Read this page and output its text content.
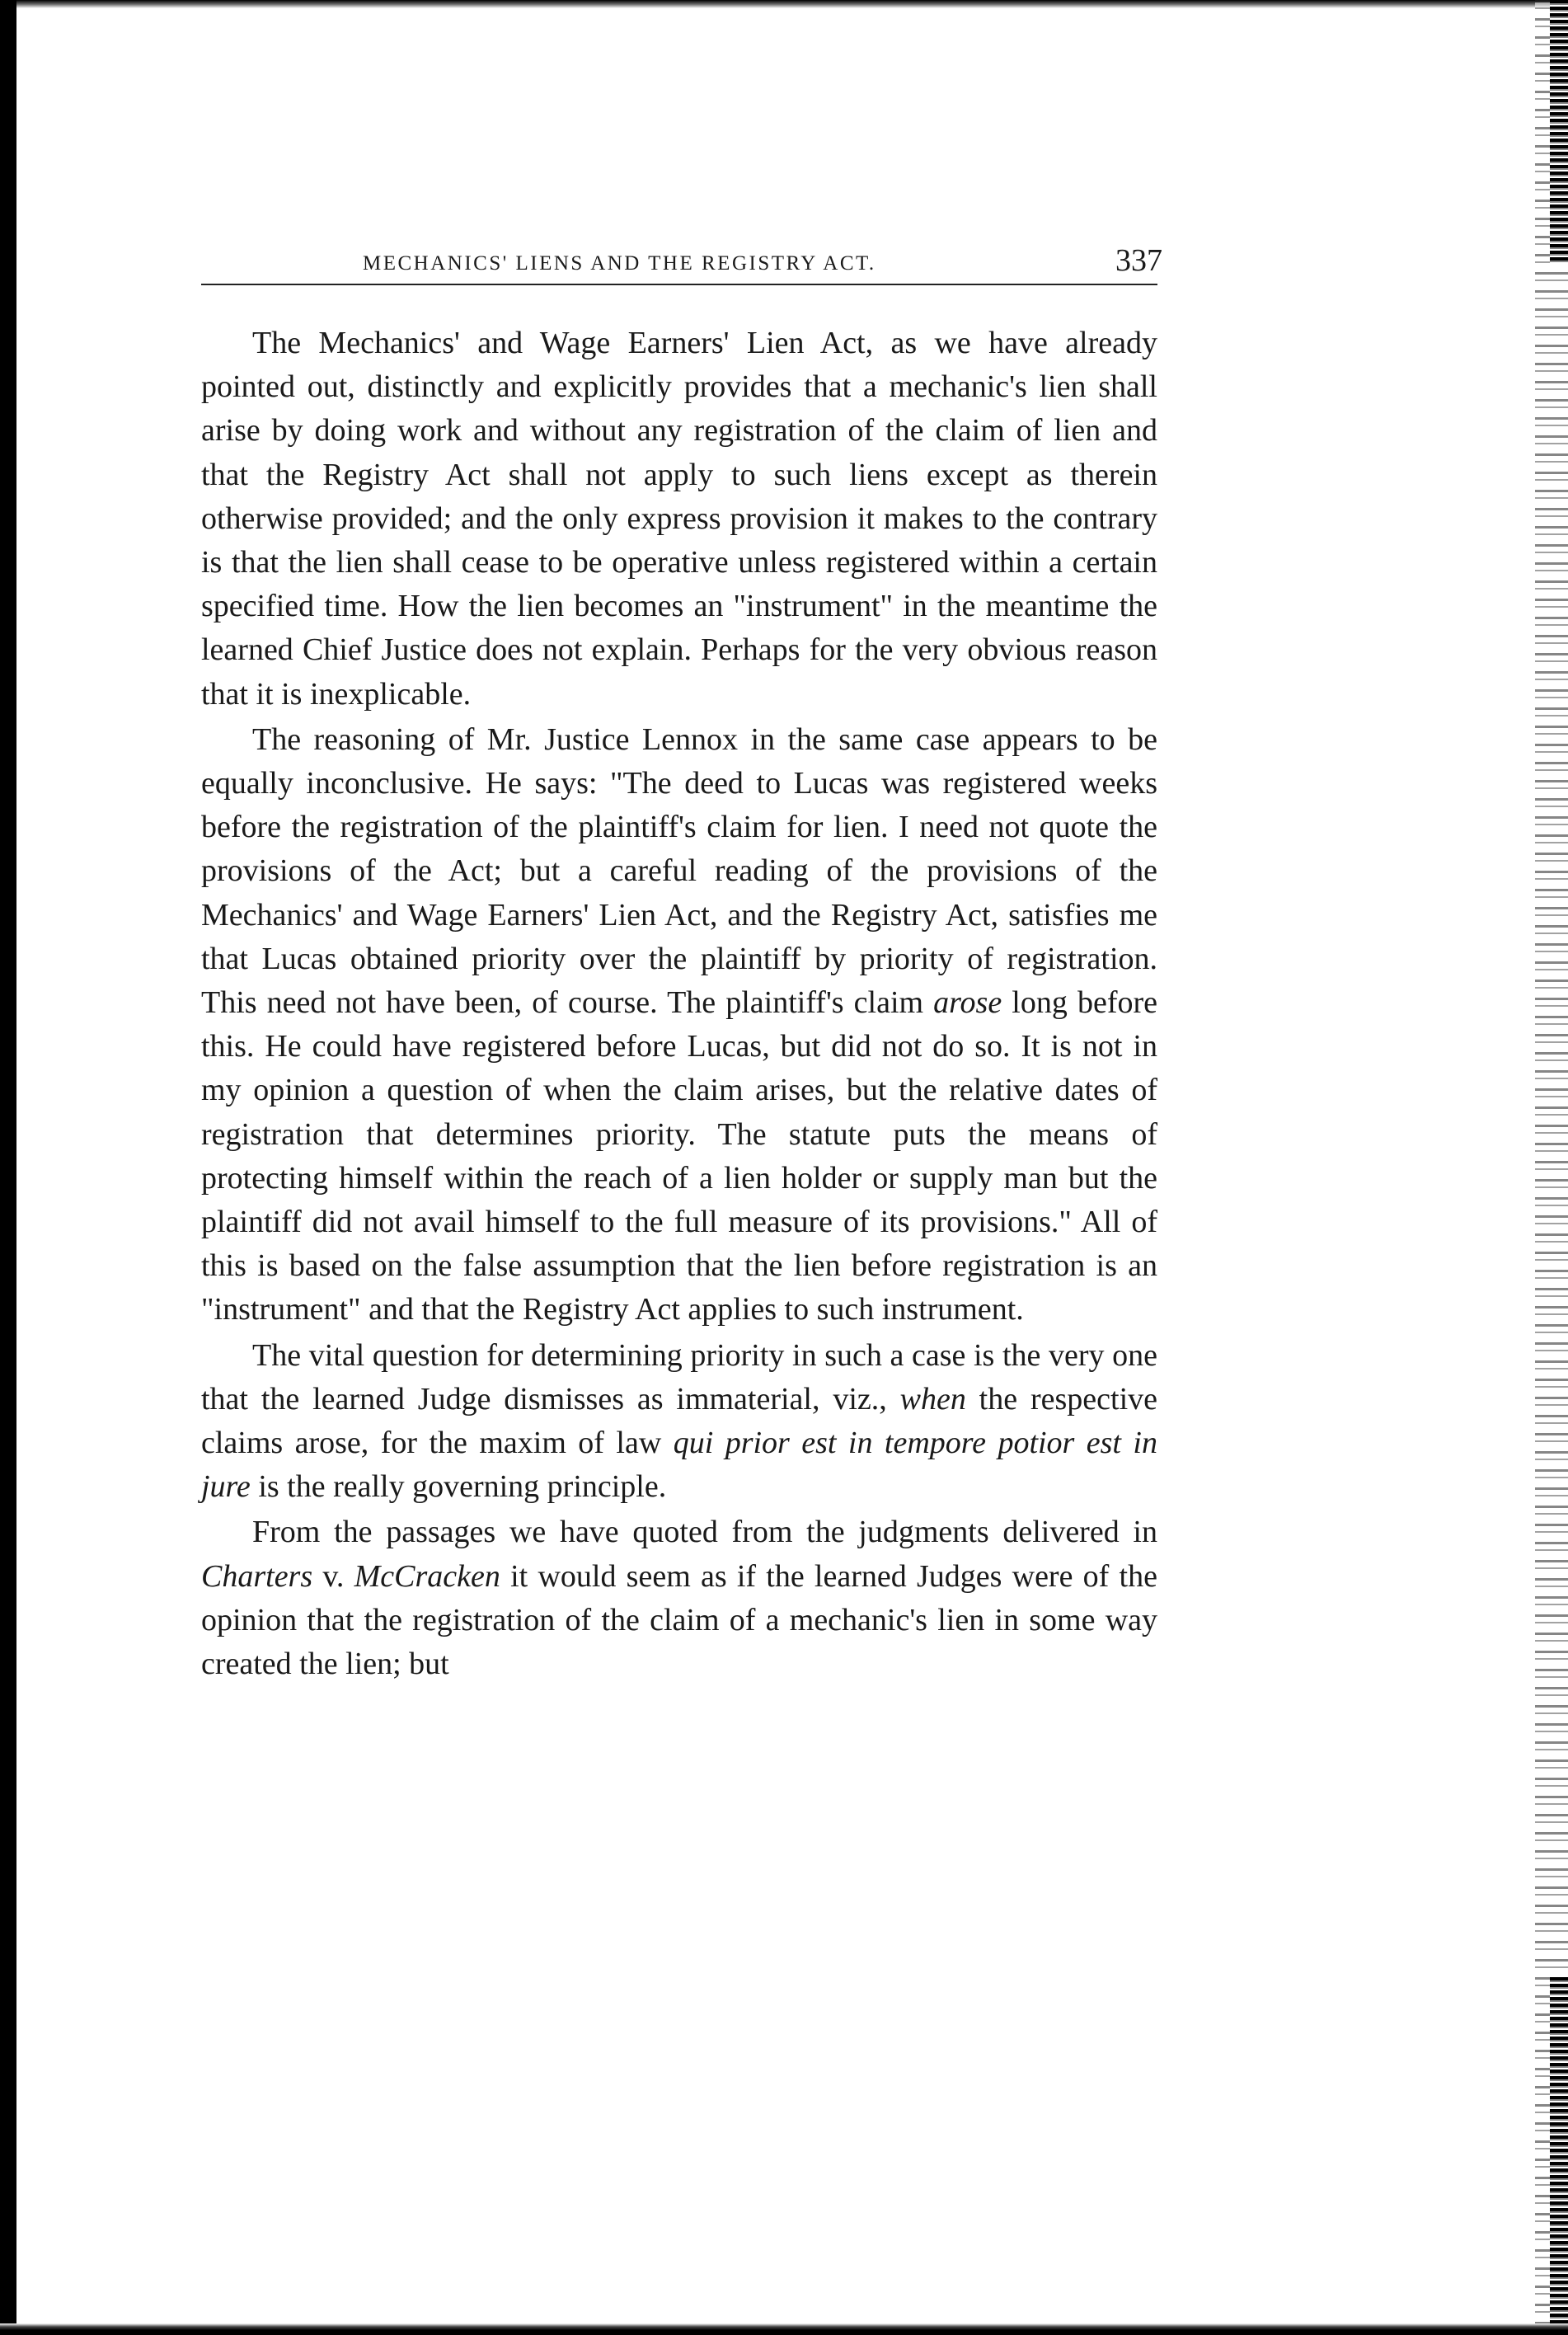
MECHANICS' LIENS AND THE REGISTRY ACT.	337

The Mechanics' and Wage Earners' Lien Act, as we have already pointed out, distinctly and explicitly provides that a mechanic's lien shall arise by doing work and without any registration of the claim of lien and that the Registry Act shall not apply to such liens except as therein otherwise provided; and the only express provision it makes to the contrary is that the lien shall cease to be operative unless registered within a certain specified time. How the lien becomes an "instrument" in the meantime the learned Chief Justice does not explain. Perhaps for the very obvious reason that it is inexplicable.

The reasoning of Mr. Justice Lennox in the same case appears to be equally inconclusive. He says: "The deed to Lucas was registered weeks before the registration of the plaintiff's claim for lien. I need not quote the provisions of the Act; but a careful reading of the provisions of the Mechanics' and Wage Earners' Lien Act, and the Registry Act, satisfies me that Lucas obtained priority over the plaintiff by priority of registration. This need not have been, of course. The plaintiff's claim arose long before this. He could have registered before Lucas, but did not do so. It is not in my opinion a question of when the claim arises, but the relative dates of registration that determines priority. The statute puts the means of protecting himself within the reach of a lien holder or supply man but the plaintiff did not avail himself to the full measure of its provisions." All of this is based on the false assumption that the lien before registration is an "instrument" and that the Registry Act applies to such instrument.

The vital question for determining priority in such a case is the very one that the learned Judge dismisses as immaterial, viz., when the respective claims arose, for the maxim of law qui prior est in tempore potior est in jure is the really governing principle.

From the passages we have quoted from the judgments delivered in Charters v. McCracken it would seem as if the learned Judges were of the opinion that the registration of the claim of a mechanic's lien in some way created the lien; but
